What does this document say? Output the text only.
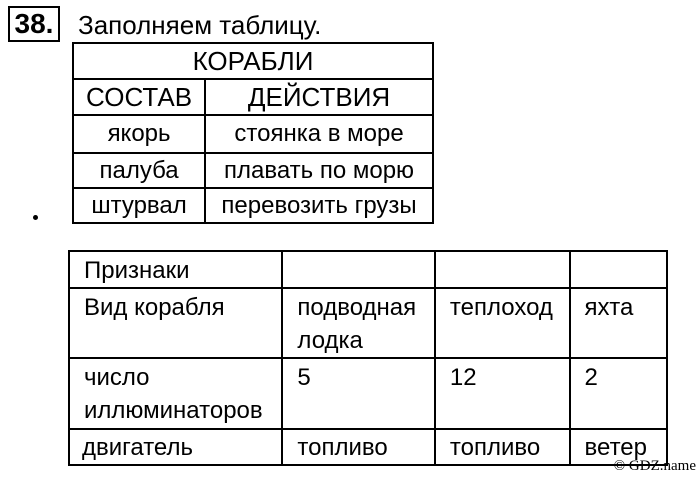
38. Заполняем таблицу.
КОРАБЛИ	
СОСТАВ	ДЕЙСТВИЯ
якорь	стоянка в море
палуба	плавать по морю
штурвал	перевозить грузы
Признаки			
Вид корабля	подводная лодка	теплоход	яхта
число иллюминаторов	5	12	2
двигатель	топливо	топливо	ветер
© GDZ.name
